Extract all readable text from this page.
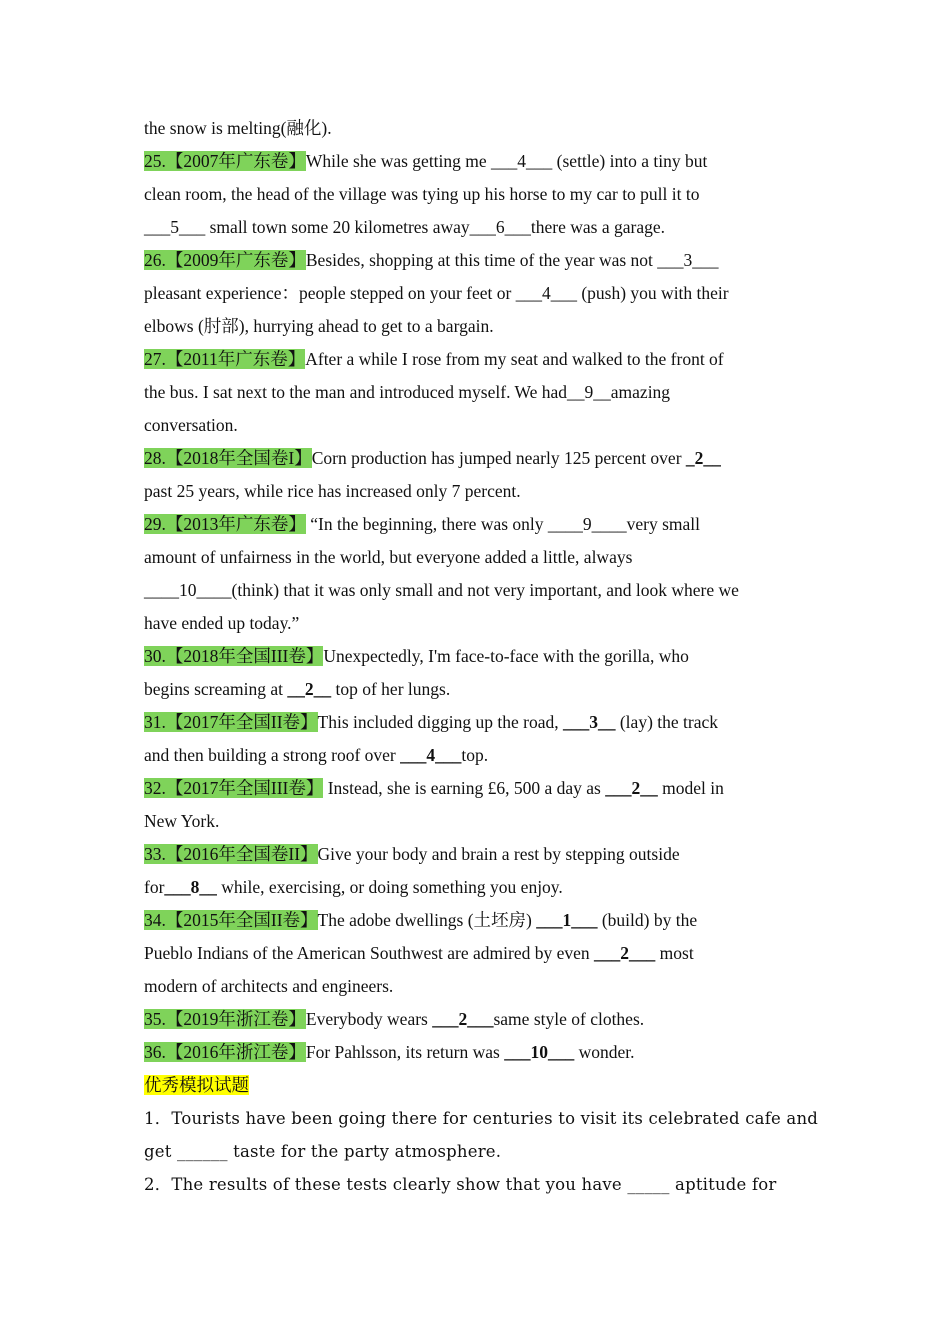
the snow is melting(融化).
25.【2007年广东卷】While she was getting me ___4___ (settle) into a tiny but
clean room, the head of the village was tying up his horse to my car to pull it to
___5___ small town some 20 kilometres away___6___there was a garage.
26.【2009年广东卷】Besides, shopping at this time of the year was not ___3___
pleasant experience：people stepped on your feet or ___4___ (push) you with their
elbows (肘部), hurrying ahead to get to a bargain.
27.【2011年广东卷】After a while I rose from my seat and walked to the front of
the bus. I sat next to the man and introduced myself. We had__9__amazing
conversation.
28.【2018年全国卷I】Corn production has jumped nearly 125 percent over _2__
past 25 years, while rice has increased only 7 percent.
29.【2013年广东卷】 “In the beginning, there was only ____9____very small
amount of unfairness in the world, but everyone added a little, always
____10____(think) that it was only small and not very important, and look where we
have ended up today.”
30.【2018年全国III卷】Unexpectedly, I'm face-to-face with the gorilla, who
begins screaming at __2__ top of her lungs.
31.【2017年全国II卷】This included digging up the road, ___3__ (lay) the track
and then building a strong roof over ___4___top.
32.【2017年全国III卷】 Instead, she is earning £6, 500 a day as ___2__ model in
New York.
33.【2016年全国卷II】Give your body and brain a rest by stepping outside
for___8__ while, exercising, or doing something you enjoy.
34.【2015年全国II卷】The adobe dwellings (土坯房) ___1___ (build) by the
Pueblo Indians of the American Southwest are admired by even ___2___ most
modern of architects and engineers.
35.【2019年浙江卷】Everybody wears ___2___same style of clothes.
36.【2016年浙江卷】For Pahlsson, its return was ___10___ wonder.
优秀模拟试题
1．Tourists have been going there for centuries to visit its celebrated cafe and
get ______ taste for the party atmosphere.
2．The results of these tests clearly show that you have _____ aptitude for
